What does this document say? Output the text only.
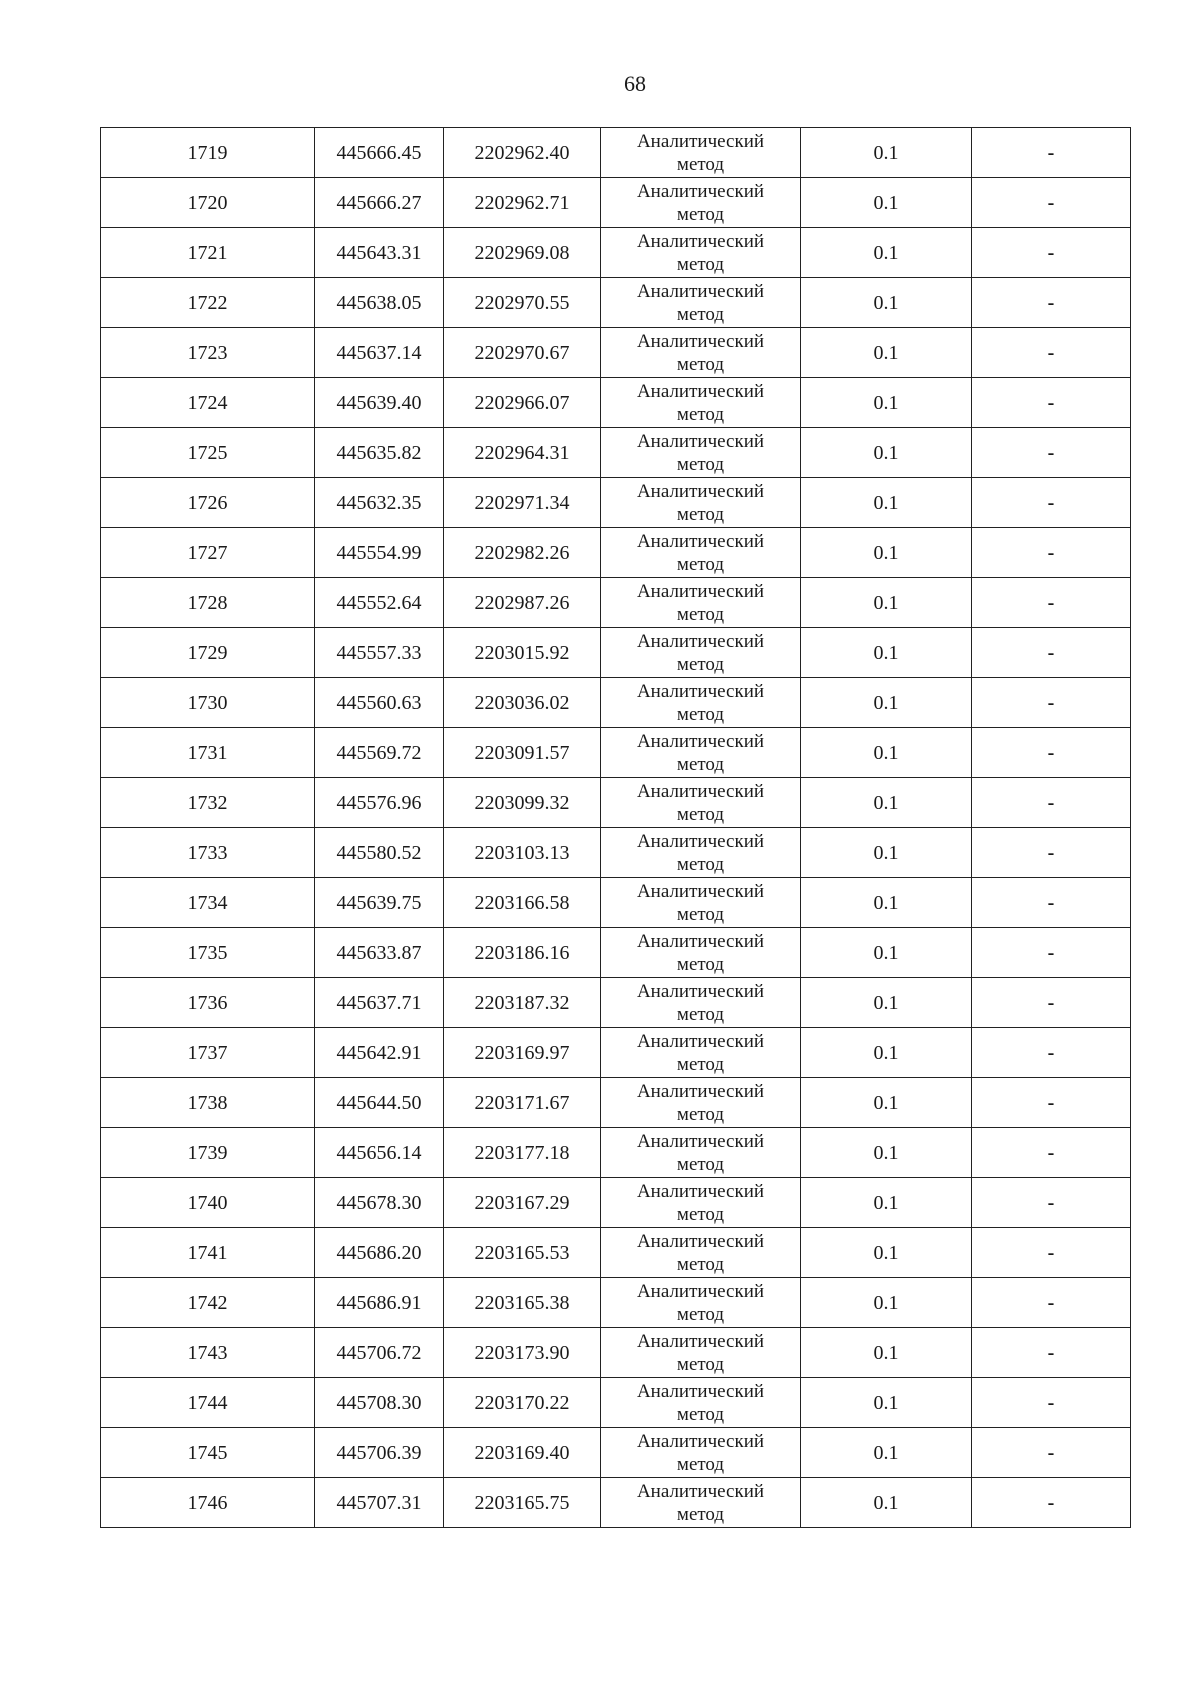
68
1719	445666.45	2202962.40	Аналитический
метод	0.1	-
1720	445666.27	2202962.71	Аналитический
метод	0.1	-
1721	445643.31	2202969.08	Аналитический
метод	0.1	-
1722	445638.05	2202970.55	Аналитический
метод	0.1	-
1723	445637.14	2202970.67	Аналитический
метод	0.1	-
1724	445639.40	2202966.07	Аналитический
метод	0.1	-
1725	445635.82	2202964.31	Аналитический
метод	0.1	-
1726	445632.35	2202971.34	Аналитический
метод	0.1	-
1727	445554.99	2202982.26	Аналитический
метод	0.1	-
1728	445552.64	2202987.26	Аналитический
метод	0.1	-
1729	445557.33	2203015.92	Аналитический
метод	0.1	-
1730	445560.63	2203036.02	Аналитический
метод	0.1	-
1731	445569.72	2203091.57	Аналитический
метод	0.1	-
1732	445576.96	2203099.32	Аналитический
метод	0.1	-
1733	445580.52	2203103.13	Аналитический
метод	0.1	-
1734	445639.75	2203166.58	Аналитический
метод	0.1	-
1735	445633.87	2203186.16	Аналитический
метод	0.1	-
1736	445637.71	2203187.32	Аналитический
метод	0.1	-
1737	445642.91	2203169.97	Аналитический
метод	0.1	-
1738	445644.50	2203171.67	Аналитический
метод	0.1	-
1739	445656.14	2203177.18	Аналитический
метод	0.1	-
1740	445678.30	2203167.29	Аналитический
метод	0.1	-
1741	445686.20	2203165.53	Аналитический
метод	0.1	-
1742	445686.91	2203165.38	Аналитический
метод	0.1	-
1743	445706.72	2203173.90	Аналитический
метод	0.1	-
1744	445708.30	2203170.22	Аналитический
метод	0.1	-
1745	445706.39	2203169.40	Аналитический
метод	0.1	-
1746	445707.31	2203165.75	Аналитический
метод	0.1	-
